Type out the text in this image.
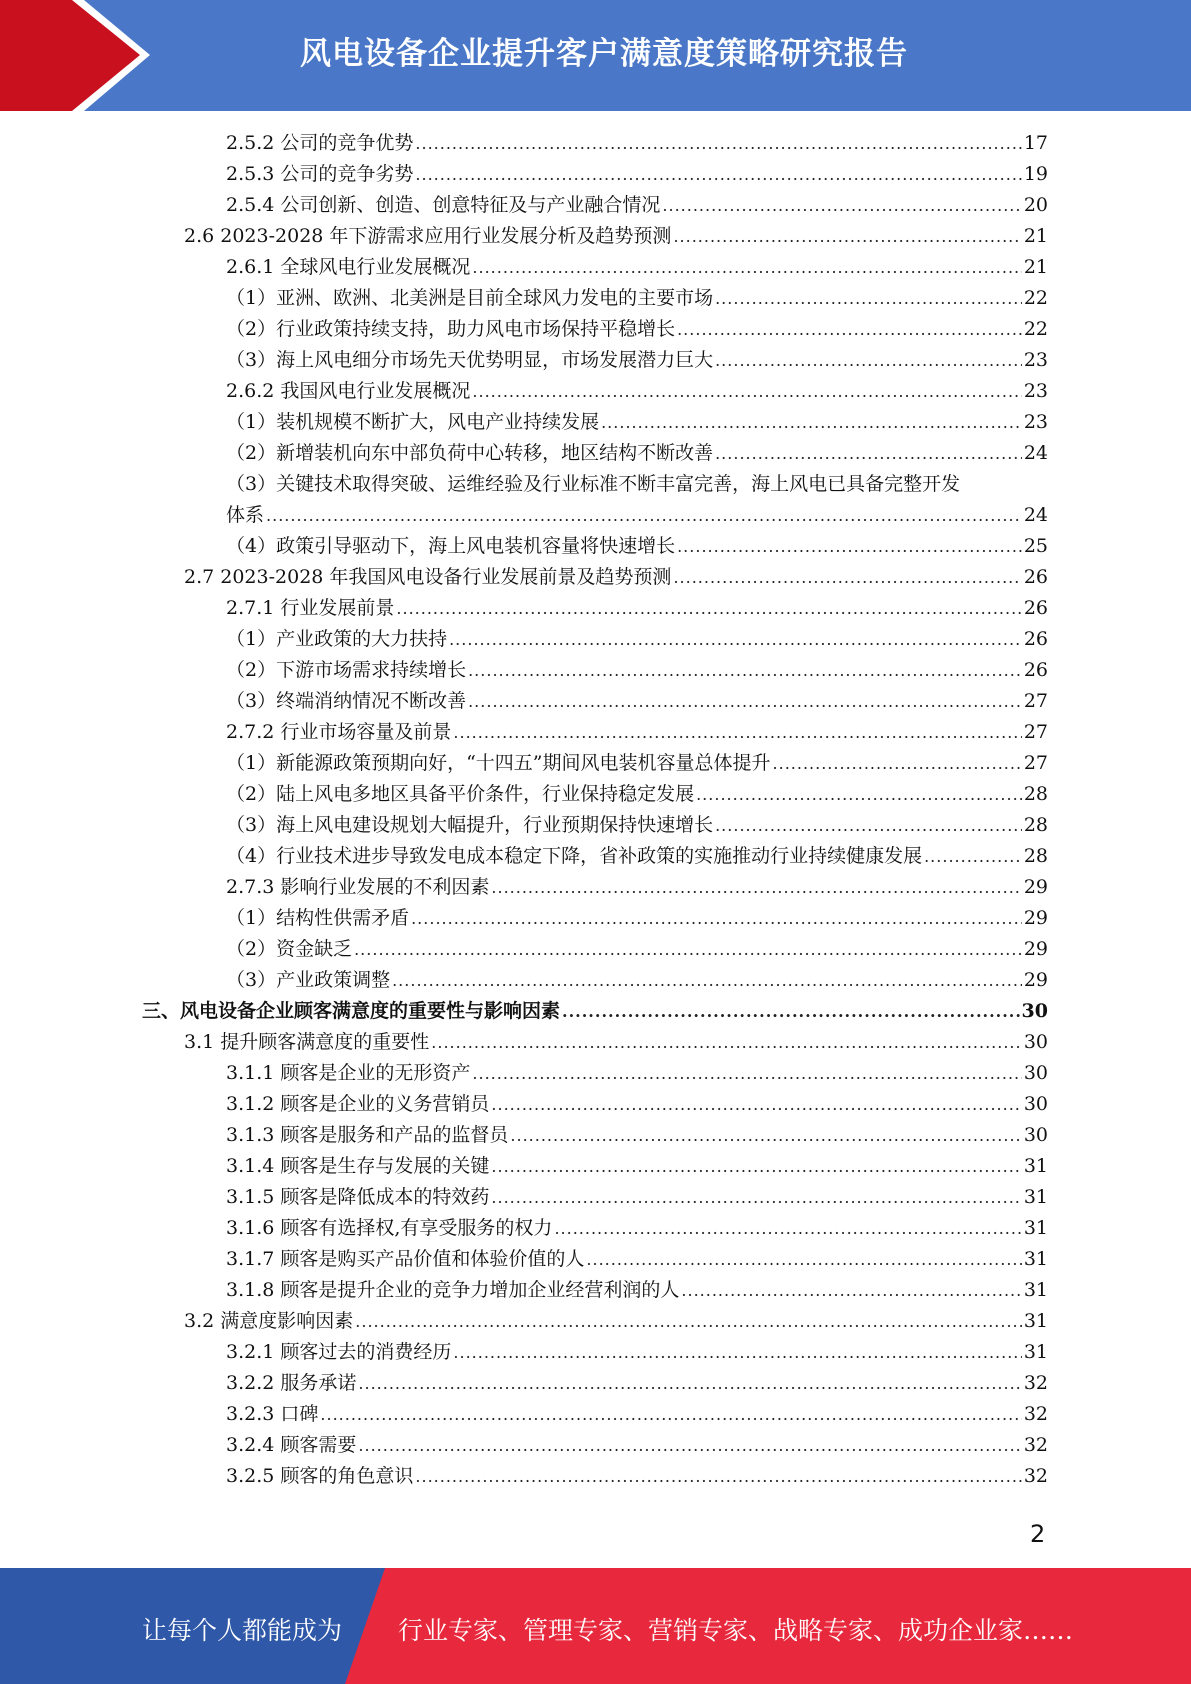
风电设备企业提升客户满意度策略研究报告
2.5.2 公司的竞争优势 .....	17
2.5.3 公司的竞争劣势 .....	19
2.5.4 公司创新、创造、创意特征及与产业融合情况 .....	20
2.6 2023-2028 年下游需求应用行业发展分析及趋势预测 .....	21
2.6.1 全球风电行业发展概况 .....	21
（1）亚洲、欧洲、北美洲是目前全球风力发电的主要市场 .....	22
（2）行业政策持续支持，助力风电市场保持平稳增长 .....	22
（3）海上风电细分市场先天优势明显，市场发展潜力巨大 .....	23
2.6.2 我国风电行业发展概况 .....	23
（1）装机规模不断扩大，风电产业持续发展 .....	23
（2）新增装机向东中部负荷中心转移，地区结构不断改善 .....	24
（3）关键技术取得突破、运维经验及行业标准不断丰富完善，海上风电已具备完整开发
体系 .....	24
（4）政策引导驱动下，海上风电装机容量将快速增长 .....	25
2.7 2023-2028 年我国风电设备行业发展前景及趋势预测 .....	26
2.7.1 行业发展前景 .....	26
（1）产业政策的大力扶持 .....	26
（2）下游市场需求持续增长 .....	26
（3）终端消纳情况不断改善 .....	27
2.7.2 行业市场容量及前景 .....	27
（1）新能源政策预期向好，“十四五”期间风电装机容量总体提升 .....	27
（2）陆上风电多地区具备平价条件，行业保持稳定发展 .....	28
（3）海上风电建设规划大幅提升，行业预期保持快速增长 .....	28
（4）行业技术进步导致发电成本稳定下降，省补政策的实施推动行业持续健康发展 .....	28
2.7.3 影响行业发展的不利因素 .....	29
（1）结构性供需矛盾 .....	29
（2）资金缺乏 .....	29
（3）产业政策调整 .....	29
三、风电设备企业顾客满意度的重要性与影响因素 .....	30
3.1 提升顾客满意度的重要性 .....	30
3.1.1 顾客是企业的无形资产 .....	30
3.1.2 顾客是企业的义务营销员 .....	30
3.1.3 顾客是服务和产品的监督员 .....	30
3.1.4 顾客是生存与发展的关键 .....	31
3.1.5 顾客是降低成本的特效药 .....	31
3.1.6 顾客有选择权,有享受服务的权力 .....	31
3.1.7 顾客是购买产品价值和体验价值的人 .....	31
3.1.8 顾客是提升企业的竞争力增加企业经营利润的人 .....	31
3.2 满意度影响因素 .....	31
3.2.1 顾客过去的消费经历 .....	31
3.2.2 服务承诺 .....	32
3.2.3 口碑 .....	32
3.2.4 顾客需要 .....	32
3.2.5 顾客的角色意识 .....	32
2
让每个人都能成为 行业专家、管理专家、营销专家、战略专家、成功企业家……
